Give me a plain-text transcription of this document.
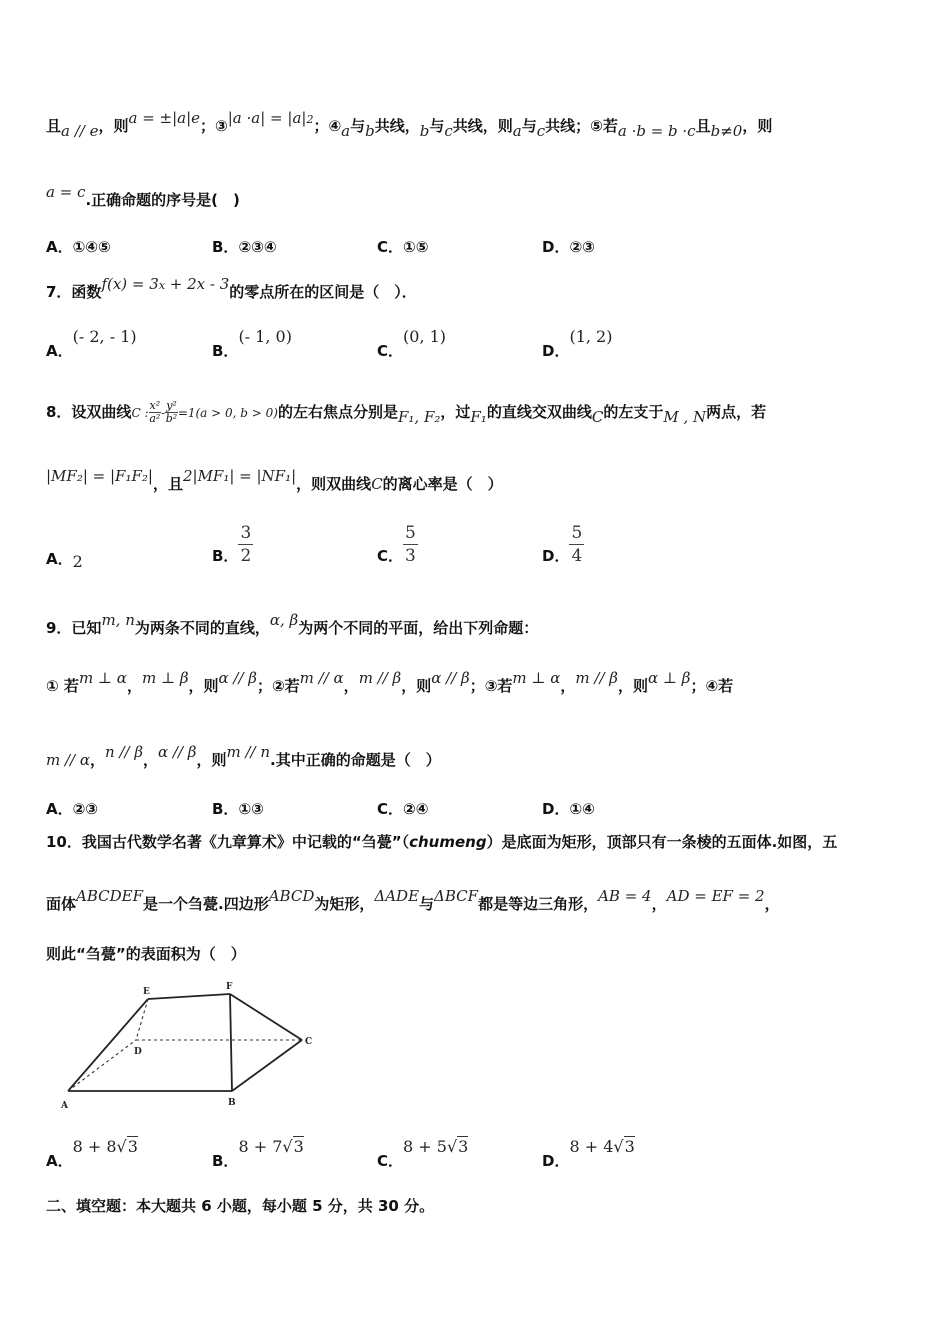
且a // e，则a = ±|a|e；③|a $\cdot a| = |a|^2$；④a与b共线，b与c共线，则a与c共线；⑤若a ·b = b ·c且b≠0，则
a = c.正确命题的序号是(　)
A．①④⑤	B．②③④	C．①⑤	D．②③
7．函数$f(x) = 3^x + 2x - 3$的零点所在的区间是（　）．
A．(- 2, - 1)
B．(- 1, 0)
C．(0, 1)
D．(1, 2)
8．设双曲线C : $\frac{\text{x²}}{\text{a²}} - \frac{\text{y²}}{\text{b²}} =1(a > 0$, b > 0)的左右焦点分别是F₁, F₂，过F₁的直线交双曲线C的左支于M , N两点，若
|MF₂| = |F₁F₂|，且2|MF₁| = |NF₁|，则双曲线C的离心率是（　）
A．2	B． $\frac{3}{2}$	C． $\frac{5}{3}$	D． $\frac{5}{4}$
9．已知m, n为两条不同的直线，α, β为两个不同的平面，给出下列命题：
① 若m ⊥ α，m ⊥ β，则α // β；②若m // α，m // β，则α // β；③若m ⊥ α，m // β，则α ⊥ β；④若
m // α，n // β，α // β，则m // n.其中正确的命题是（　）
A．②③	B．①③	C．②④	D．①④
10．我国古代数学名著《九章算术》中记载的“刍甍”（chumeng）是底面为矩形，顶部只有一条棱的五面体.如图，五
面体ABCDEF是一个刍甍.四边形ABCD为矩形，ΔADE与ΔBCF都是等边三角形，AB = 4，AD = EF = 2，
则此“刍甍”的表面积为（　）
E	F
D
C
A	B
A．8 + 8√3
B．8 + 7√3
C．8 + 5√3
D．8 + 4√3
二、填空题：本大题共 6 小题，每小题 5 分，共 30 分。
